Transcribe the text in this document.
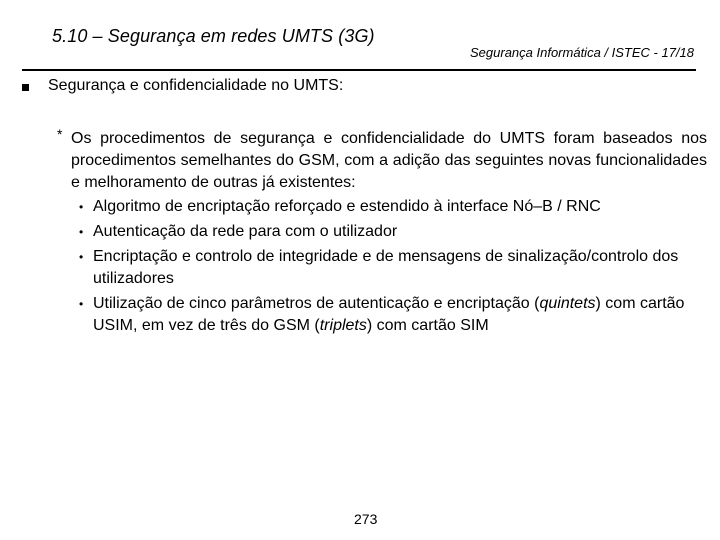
5.10 – Segurança em redes UMTS (3G)
Segurança Informática / ISTEC - 17/18
Segurança e confidencialidade no UMTS:
* Os procedimentos de segurança e confidencialidade do UMTS foram baseados nos procedimentos semelhantes do GSM, com a adição das seguintes novas funcionalidades e melhoramento de outras já existentes:
• Algoritmo de encriptação reforçado e estendido à interface Nó–B / RNC
• Autenticação da rede para com o utilizador
• Encriptação e controlo de integridade e de mensagens de sinalização/controlo dos utilizadores
• Utilização de cinco parâmetros de autenticação e encriptação (quintets) com cartão USIM, em vez de três do GSM (triplets) com cartão SIM
273
